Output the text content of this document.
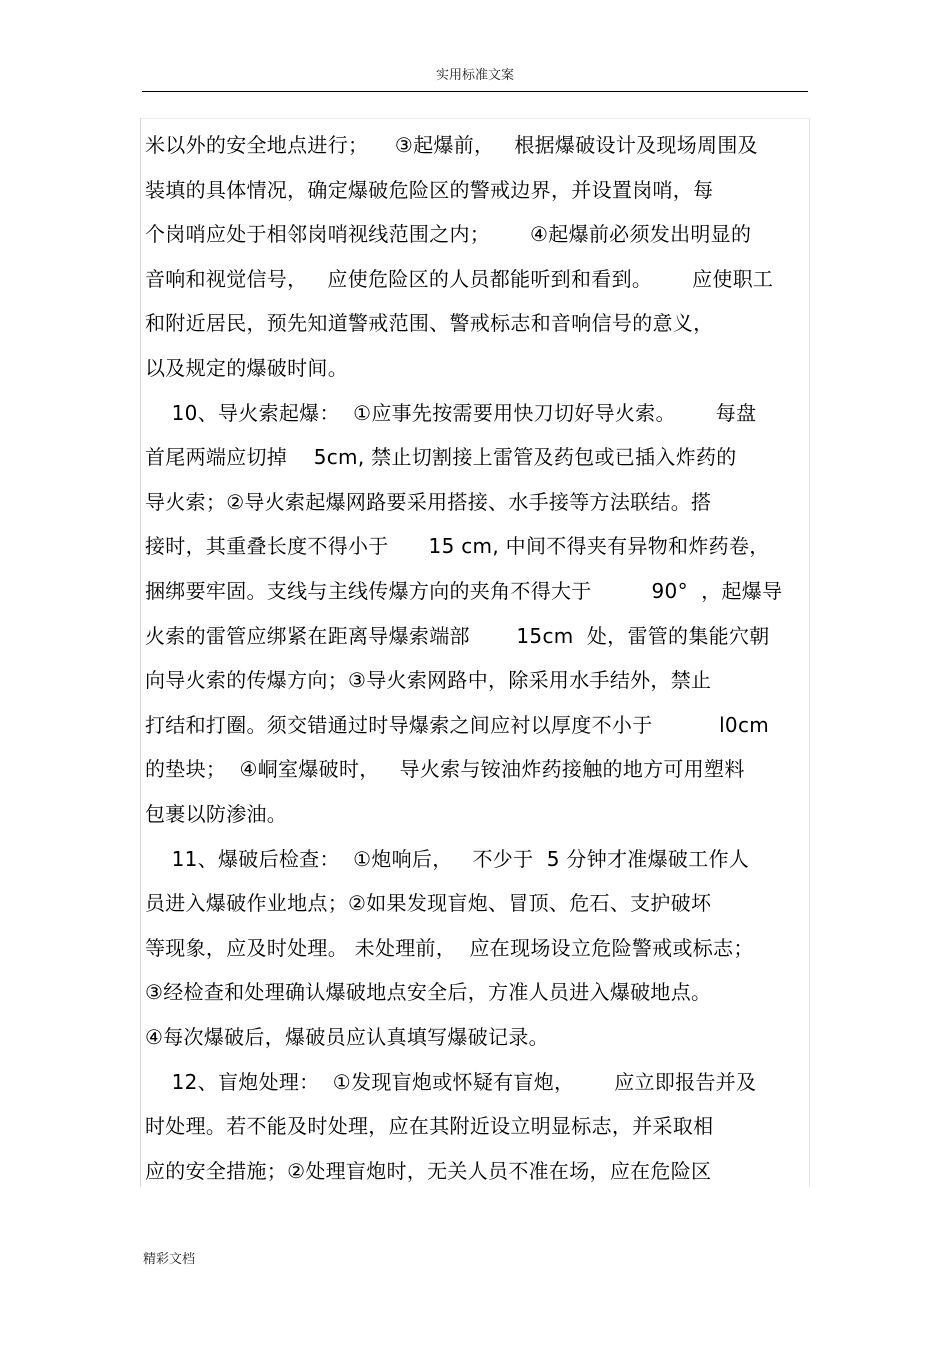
实用标准文案
米以外的安全地点进行；    ③起爆前，   根据爆破设计及现场周围及
装填的具体情况，确定爆破危险区的警戒边界，并设置岗哨，每
个岗哨应处于相邻岗哨视线范围之内；      ④起爆前必须发出明显的
音响和视觉信号，   应使危险区的人员都能听到和看到。      应使职工
和附近居民，预先知道警戒范围、警戒标志和音响信号的意义，
以及规定的爆破时间。
10、导火索起爆：  ①应事先按需要用快刀切好导火索。      每盘
首尾两端应切掉    5cm, 禁止切割接上雷管及药包或已插入炸药的
导火索；②导火索起爆网路要采用搭接、水手接等方法联结。搭
接时，其重叠长度不得小于      15 cm, 中间不得夹有异物和炸药卷，
捆绑要牢固。支线与主线传爆方向的夹角不得大于         90°  ，起爆导
火索的雷管应绑紧在距离导爆索端部       15cm  处，雷管的集能穴朝
向导火索的传爆方向；③导火索网路中，除采用水手结外，禁止
打结和打圈。须交错通过时导爆索之间应衬以厚度不小于          l0cm
的垫块；  ④峒室爆破时，   导火索与铵油炸药接触的地方可用塑料
包裹以防渗油。
11、爆破后检查：  ①炮响后，   不少于  5 分钟才准爆破工作人
员进入爆破作业地点；②如果发现盲炮、冒顶、危石、支护破坏
等现象，应及时处理。 未处理前，  应在现场设立危险警戒或标志；
③经检查和处理确认爆破地点安全后，方准人员进入爆破地点。
④每次爆破后，爆破员应认真填写爆破记录。
12、盲炮处理：  ①发现盲炮或怀疑有盲炮，      应立即报告并及
时处理。若不能及时处理，应在其附近设立明显标志，并采取相
应的安全措施；②处理盲炮时，无关人员不准在场，应在危险区
精彩文档
